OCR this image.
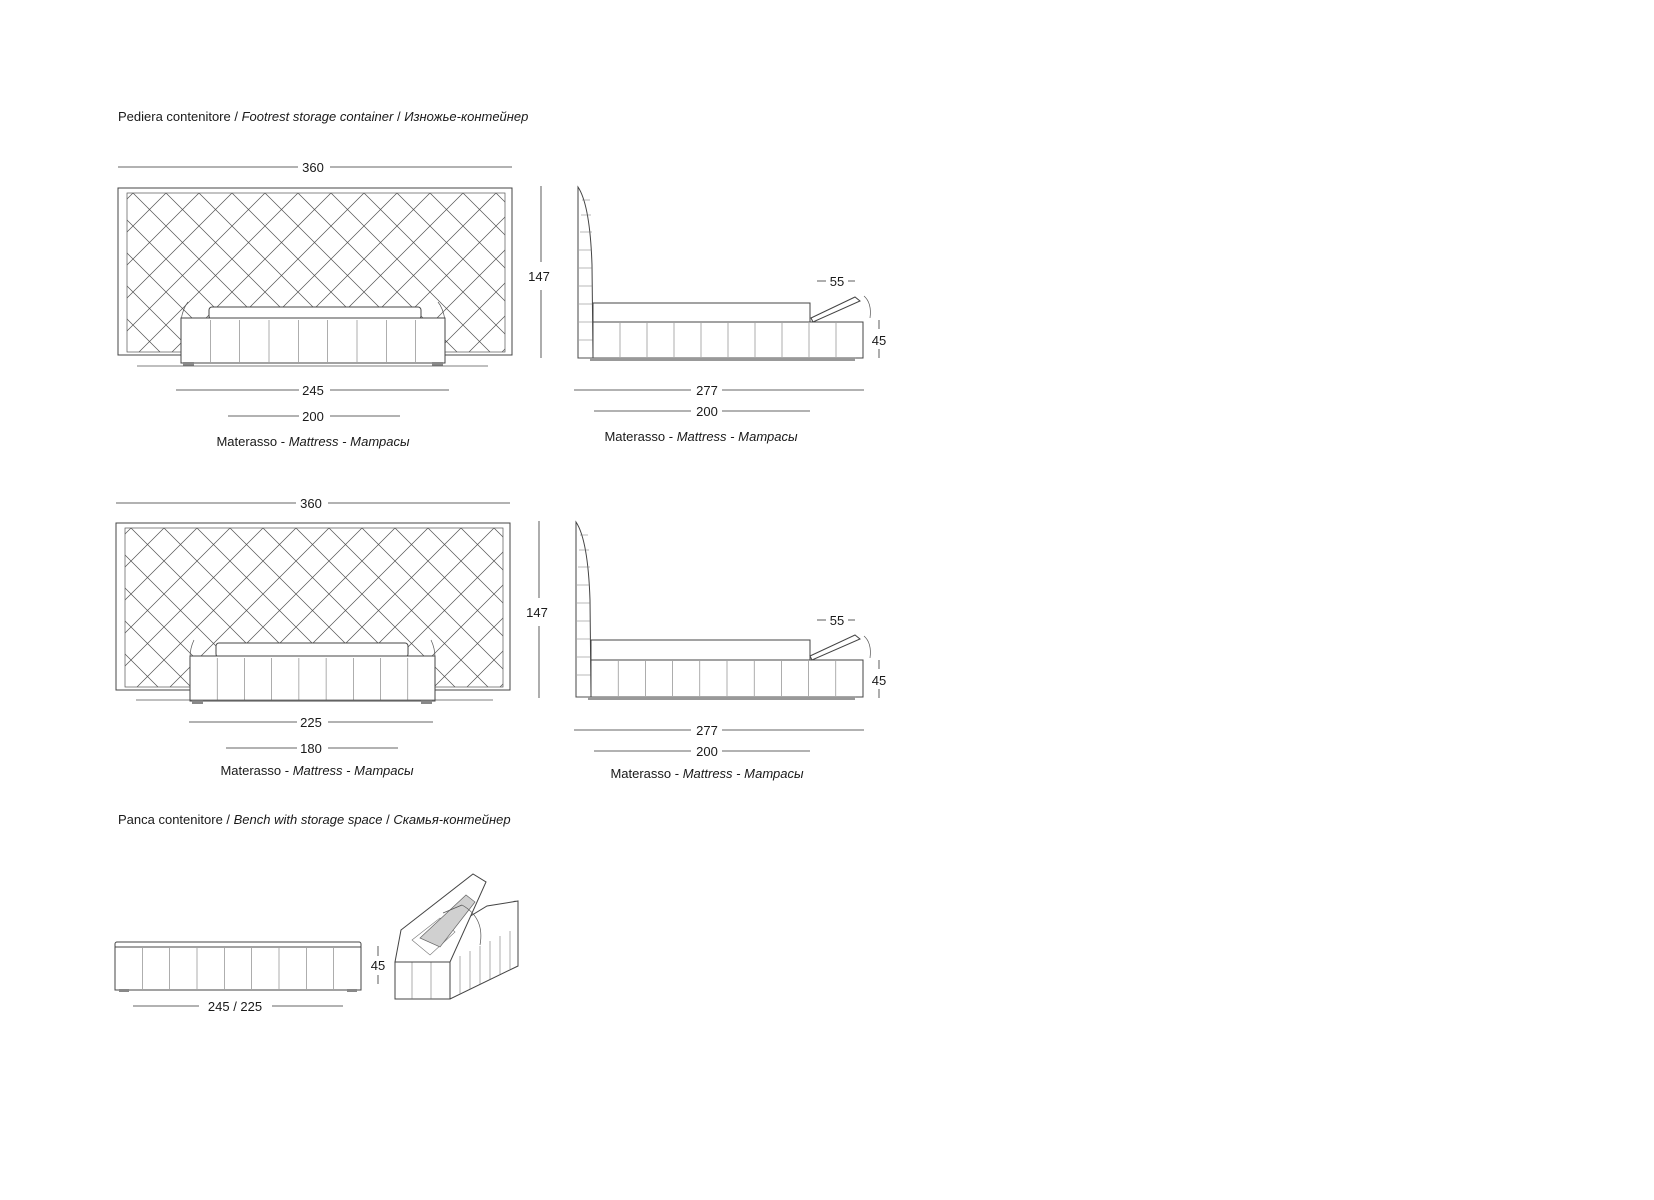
Pediera contenitore / Footrest storage container / Изножье-контейнер
360
147
245
200
Materasso - Mattress - Матрасы
55
45
277
200
Materasso - Mattress - Матрасы
360
147
225
180
Materasso - Mattress - Матрасы
55
45
277
200
Materasso - Mattress - Матрасы
Panca contenitore / Bench with storage space / Скамья-контейнер
245 / 225
45
